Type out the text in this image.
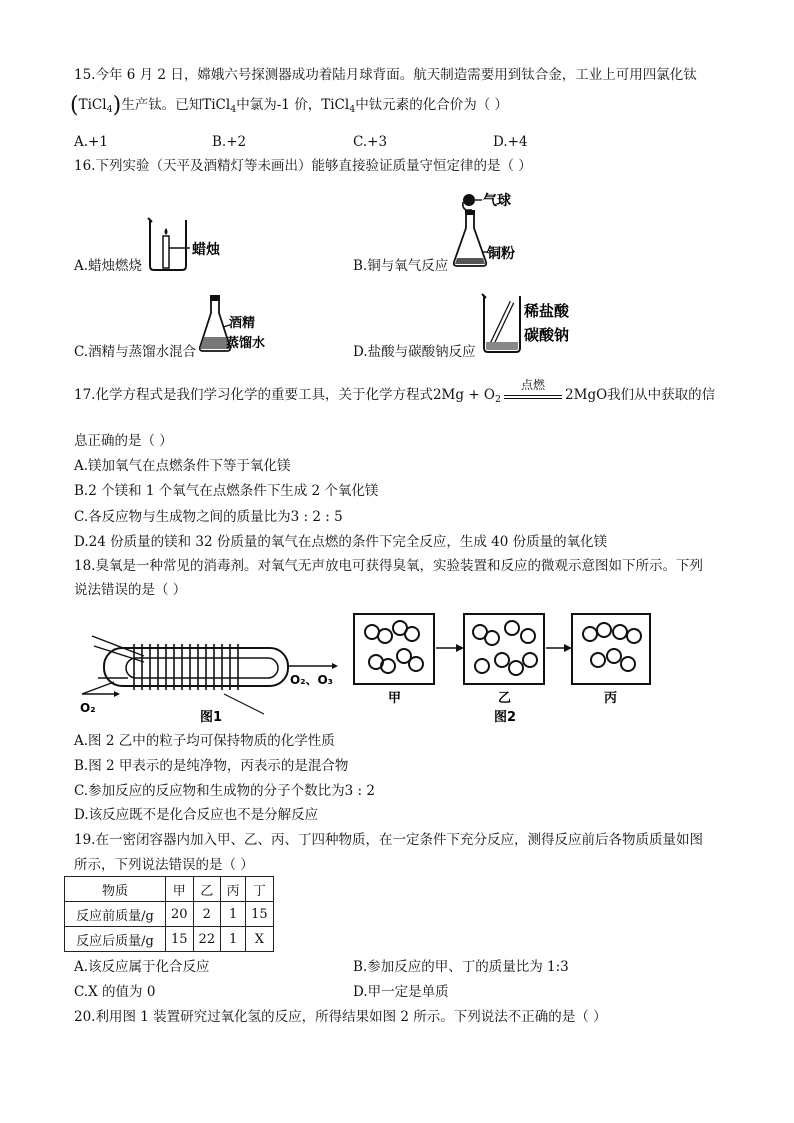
15.今年 6 月 2 日，嫦娥六号探测器成功着陆月球背面。航天制造需要用到钛合金，工业上可用四氯化钛
(TiCl$_4$)生产钛。已知TiCl$_4$中氯为-1 价，TiCl$_4$中钛元素的化合价为（ ）
A.+1	B.+2	C.+3	D.+4
16.下列实验（天平及酒精灯等未画出）能够直接验证质量守恒定律的是（ ）
蜡烛
A.蜡烛燃烧
气球
铜粉
B.铜与氧气反应
酒精
蒸馏水
C.酒精与蒸馏水混合
稀盐酸
碳酸钠
D.盐酸与碳酸钠反应
17.化学方程式是我们学习化学的重要工具，关于化学方程式$2Mg + O_2$
点燃
2MgO我们从中获取的信
息正确的是（ ）
A.镁加氧气在点燃条件下等于氧化镁
B.2 个镁和 1 个氧气在点燃条件下生成 2 个氧化镁
C.各反应物与生成物之间的质量比为3 : 2 : 5
D.24 份质量的镁和 32 份质量的氧气在点燃的条件下完全反应，生成 40 份质量的氧化镁
18.臭氧是一种常见的消毒剂。对氧气无声放电可获得臭氧，实验装置和反应的微观示意图如下所示。下列
说法错误的是（ ）
O₂
O₂、O₃
图1
甲	乙	丙
图2
A.图 2 乙中的粒子均可保持物质的化学性质
B.图 2 甲表示的是纯净物，丙表示的是混合物
C.参加反应的反应物和生成物的分子个数比为3 : 2
D.该反应既不是化合反应也不是分解反应
19.在一密闭容器内加入甲、乙、丙、丁四种物质，在一定条件下充分反应，测得反应前后各物质质量如图
所示，下列说法错误的是（ ）
物质	甲	乙	丙	丁
反应前质量/g	20	2	1	15
反应后质量/g	15	22	1	X
A.该反应属于化合反应	B.参加反应的甲、丁的质量比为 1:3
C.X 的值为 0	D.甲一定是单质
20.利用图 1 装置研究过氧化氢的反应，所得结果如图 2 所示。下列说法不正确的是（ ）
